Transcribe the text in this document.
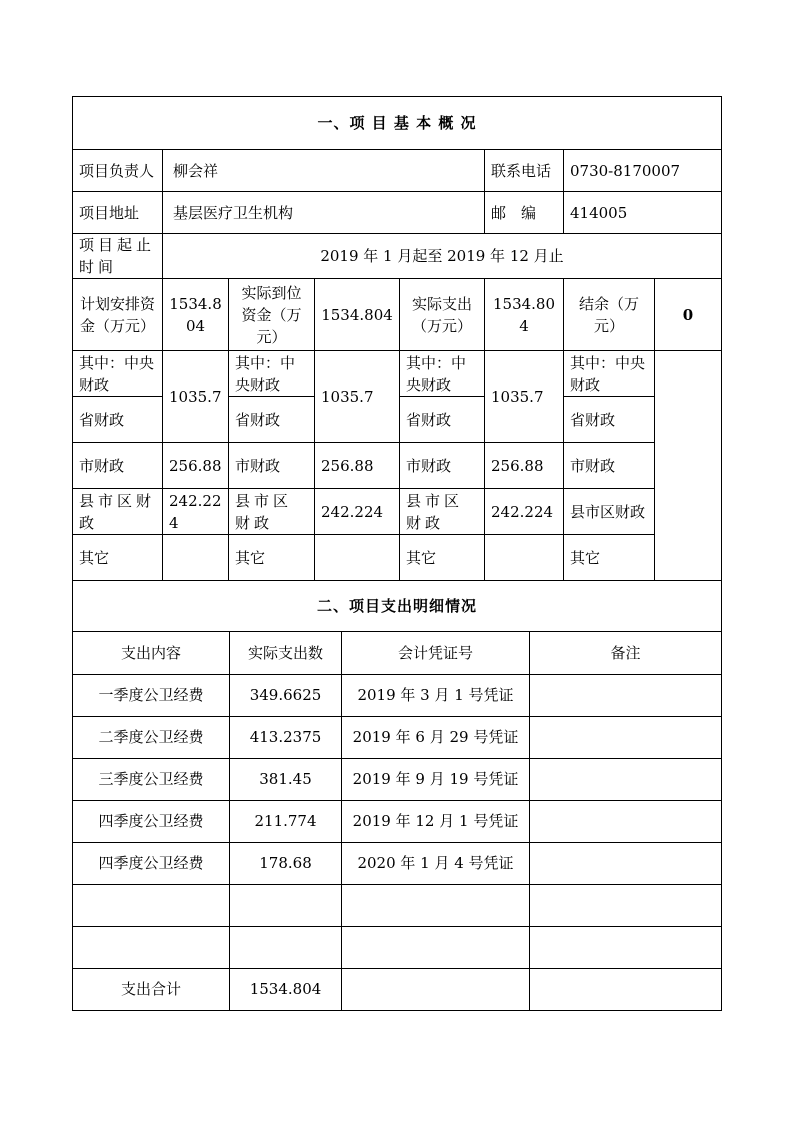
一、项 目 基 本 概 况							
项目负责人	柳会祥				联系电话	0730-8170007	
项目地址	基层医疗卫生机构				邮　编	414005	
项目起止时间	2019 年 1 月起至 2019 年 12 月止						
计划安排资金（万元）	1534.804	实际到位资金（万元）	1534.804	实际支出（万元）	1534.804	结余（万元）	0
其中：中央财政	1035.7	其中：中央财政	1035.7	其中：中央财政	1035.7	其中：中央财政	
省财政		省财政		省财政		省财政	
市财政	256.88	市财政	256.88	市财政	256.88	市财政	
县市区财政	242.224	县市区财政	242.224	县市区财政	242.224	县市区财政	
其它		其它		其它		其它	
二、项目支出明细情况							
支出内容	实际支出数	会计凭证号	备注
一季度公卫经费	349.6625	2019 年 3 月 1 号凭证	
二季度公卫经费	413.2375	2019 年 6 月 29 号凭证	
三季度公卫经费	381.45	2019 年 9 月 19 号凭证	
四季度公卫经费	211.774	2019 年 12 月 1 号凭证	
四季度公卫经费	178.68	2020 年 1 月 4 号凭证	

支出合计	1534.804		
